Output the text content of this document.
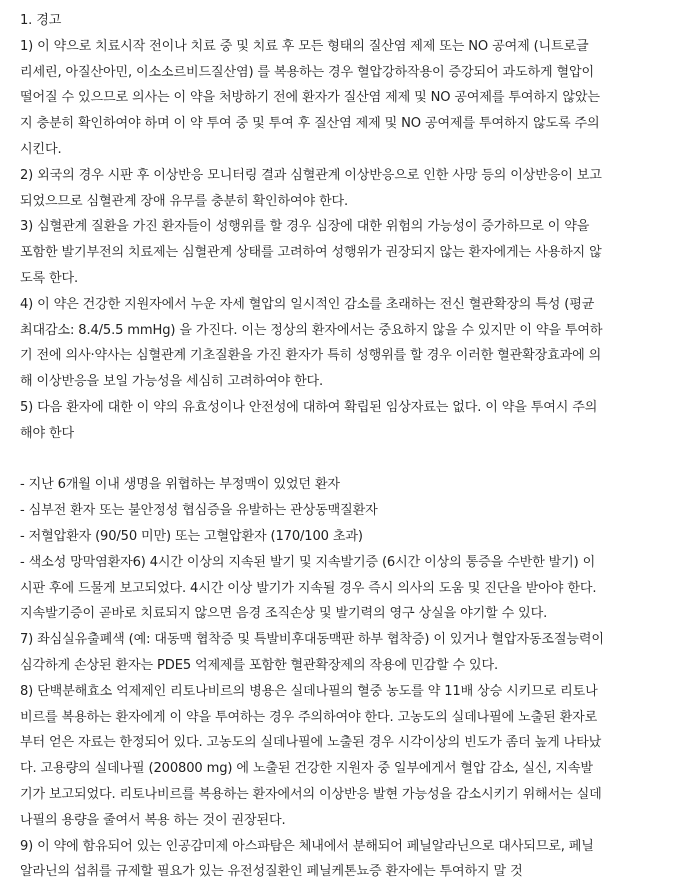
1. 경고
1) 이 약으로 치료시작 전이나 치료 중 및 치료 후 모든 형태의 질산염 제제 또는 NO 공여제 (니트로글
리세린, 아질산아민, 이소소르비드질산염) 를 복용하는 경우 혈압강하작용이 증강되어 과도하게 혈압이
떨어질 수 있으므로 의사는 이 약을 처방하기 전에 환자가 질산염 제제 및 NO 공여제를 투여하지 않았는
지 충분히 확인하여야 하며 이 약 투여 중 및 투여 후 질산염 제제 및 NO 공여제를 투여하지 않도록 주의
시킨다.
2) 외국의 경우 시판 후 이상반응 모니터링 결과 심혈관계 이상반응으로 인한 사망 등의 이상반응이 보고
되었으므로 심혈관계 장애 유무를 충분히 확인하여야 한다.
3) 심혈관계 질환을 가진 환자들이 성행위를 할 경우 심장에 대한 위험의 가능성이 증가하므로 이 약을
포함한 발기부전의 치료제는 심혈관계 상태를 고려하여 성행위가 권장되지 않는 환자에게는 사용하지 않
도록 한다.
4) 이 약은 건강한 지원자에서 누운 자세 혈압의 일시적인 감소를 초래하는 전신 혈관확장의 특성 (평균
최대감소: 8.4/5.5 mmHg) 을 가진다. 이는 정상의 환자에서는 중요하지 않을 수 있지만 이 약을 투여하
기 전에 의사·약사는 심혈관계 기초질환을 가진 환자가 특히 성행위를 할 경우 이러한 혈관확장효과에 의
해 이상반응을 보일 가능성을 세심히 고려하여야 한다.
5) 다음 환자에 대한 이 약의 유효성이나 안전성에 대하여 확립된 임상자료는 없다. 이 약을 투여시 주의
해야 한다
- 지난 6개월 이내 생명을 위협하는 부정맥이 있었던 환자
- 심부전 환자 또는 불안정성 협심증을 유발하는 관상동맥질환자
- 저혈압환자 (90/50 미만) 또는 고혈압환자 (170/100 초과)
- 색소성 망막염환자6) 4시간 이상의 지속된 발기 및 지속발기증 (6시간 이상의 통증을 수반한 발기) 이
시판 후에 드물게 보고되었다. 4시간 이상 발기가 지속될 경우 즉시 의사의 도움 및 진단을 받아야 한다.
지속발기증이 곧바로 치료되지 않으면 음경 조직손상 및 발기력의 영구 상실을 야기할 수 있다.
7) 좌심실유출폐색 (예: 대동맥 협착증 및 특발비후대동맥판 하부 협착증) 이 있거나 혈압자동조절능력이
심각하게 손상된 환자는 PDE5 억제제를 포함한 혈관확장제의 작용에 민감할 수 있다.
8) 단백분해효소 억제제인 리토나비르의 병용은 실데나필의 혈중 농도를 약 11배 상승 시키므로 리토나
비르를 복용하는 환자에게 이 약을 투여하는 경우 주의하여야 한다. 고농도의 실데나필에 노출된 환자로
부터 얻은 자료는 한정되어 있다. 고농도의 실데나필에 노출된 경우 시각이상의 빈도가 좀더 높게 나타났
다. 고용량의 실데나필 (200800 mg) 에 노출된 건강한 지원자 중 일부에게서 혈압 감소, 실신, 지속발
기가 보고되었다. 리토나비르를 복용하는 환자에서의 이상반응 발현 가능성을 감소시키기 위해서는 실데
나필의 용량을 줄여서 복용 하는 것이 권장된다.
9) 이 약에 함유되어 있는 인공감미제 아스파탐은 체내에서 분해되어 페닐알라닌으로 대사되므로, 페닐
알라닌의 섭취를 규제할 필요가 있는 유전성질환인 페닐케톤뇨증 환자에는 투여하지 말 것
